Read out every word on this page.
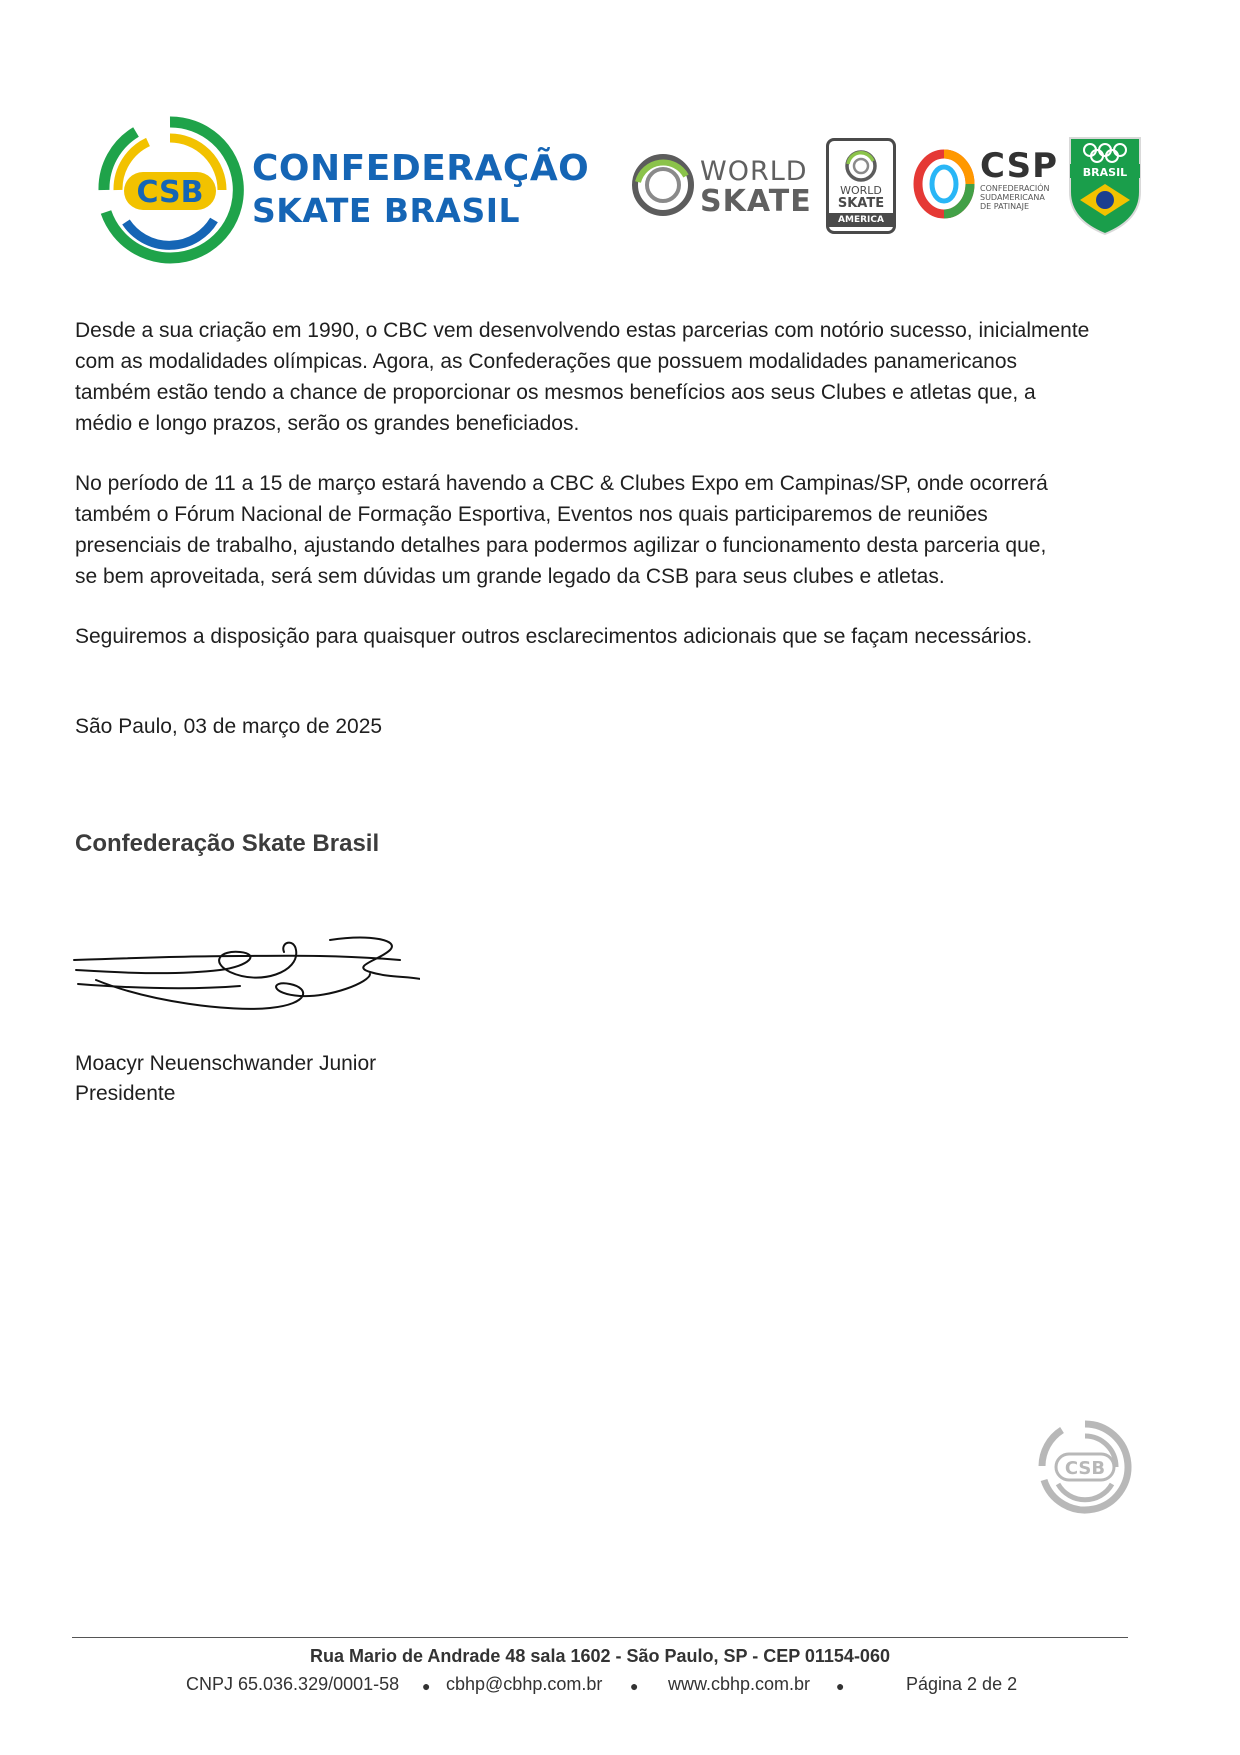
CSB
CONFEDERAÇÃO
SKATE BRASIL
WORLD
SKATE	WORLD
SKATE
AMERICA
CSP
CONFEDERACIÓN
SUDAMERICANA
DE PATINAJE
BRASIL
Desde a sua criação em 1990, o CBC vem desenvolvendo estas parcerias com notório sucesso, inicialmente
com as modalidades olímpicas. Agora, as Confederações que possuem modalidades panamericanos
também estão tendo a chance de proporcionar os mesmos benefícios aos seus Clubes e atletas que, a
médio e longo prazos, serão os grandes beneficiados.
No período de 11 a 15 de março estará havendo a CBC & Clubes Expo em Campinas/SP, onde ocorrerá
também o Fórum Nacional de Formação Esportiva, Eventos nos quais participaremos de reuniões
presenciais de trabalho, ajustando detalhes para podermos agilizar o funcionamento desta parceria que,
se bem aproveitada, será sem dúvidas um grande legado da CSB para seus clubes e atletas.
Seguiremos a disposição para quaisquer outros esclarecimentos adicionais que se façam necessários.
São Paulo, 03 de março de 2025
Confederação Skate Brasil
Moacyr Neuenschwander Junior
Presidente
CSB
Rua Mario de Andrade 48 sala 1602 - São Paulo, SP - CEP 01154-060
CNPJ 65.036.329/0001-58 ● cbhp@cbhp.com.br ● www.cbhp.com.br ●	Página 2 de 2
